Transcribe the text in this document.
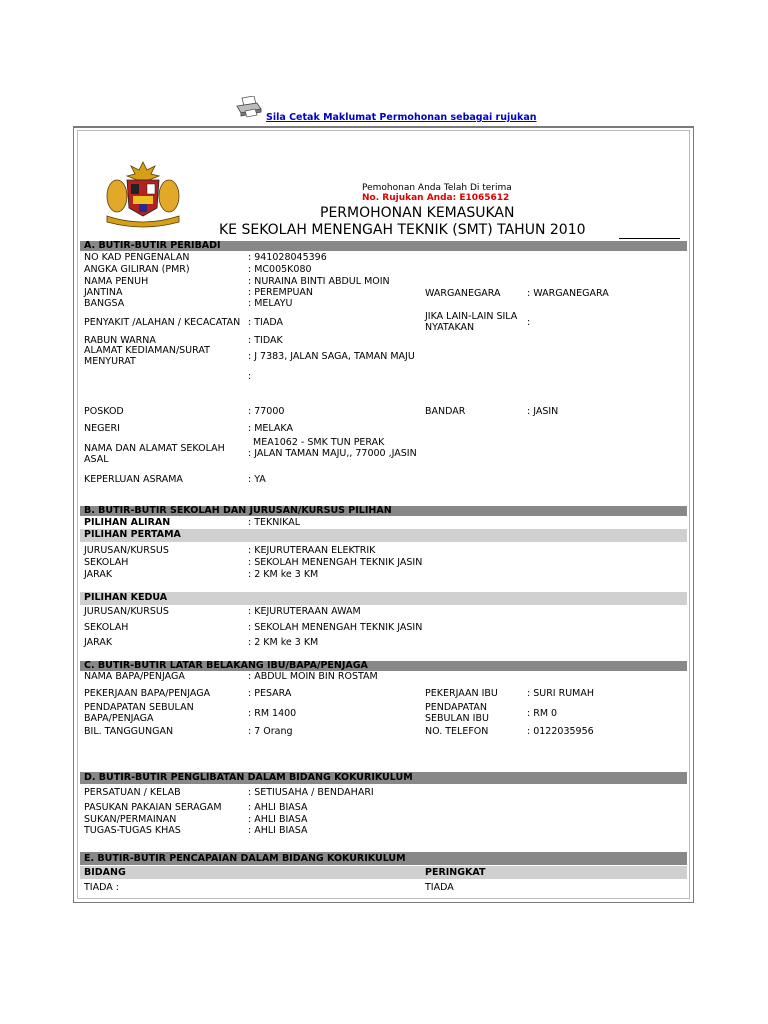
Sila Cetak Maklumat Permohonan sebagai rujukan
Pemohonan Anda Telah Di terima
No. Rujukan Anda: E1065612
PERMOHONAN KEMASUKAN
KE SEKOLAH MENENGAH TEKNIK (SMT) TAHUN 2010
A. BUTIR-BUTIR PERIBADI
NO KAD PENGENALAN	: 941028045396
ANGKA GILIRAN (PMR)	: MC005K080
NAMA PENUH	: NURAINA BINTI ABDUL MOIN
JANTINA	: PEREMPUAN	WARGANEGARA	: WARGANEGARA
BANGSA	: MELAYU
PENYAKIT /ALAHAN / KECACATAN : TIADA
JIKA LAIN-LAIN SILA
NYATAKAN	:
RABUN WARNA	: TIDAK
ALAMAT KEDIAMAN/SURAT
MENYURAT	: J 7383, JALAN SAGA, TAMAN MAJU
:
POSKOD	: 77000	BANDAR	: JASIN
NEGERI	: MELAKA
NAMA DAN ALAMAT SEKOLAH
ASAL
MEA1062 - SMK TUN PERAK
: JALAN TAMAN MAJU,, 77000 ,JASIN
KEPERLUAN ASRAMA	: YA
B. BUTIR-BUTIR SEKOLAH DAN JURUSAN/KURSUS PILIHAN
PILIHAN ALIRAN	: TEKNIKAL
PILIHAN PERTAMA
JURUSAN/KURSUS	: KEJURUTERAAN ELEKTRIK
SEKOLAH	: SEKOLAH MENENGAH TEKNIK JASIN
JARAK	: 2 KM ke 3 KM
PILIHAN KEDUA
JURUSAN/KURSUS	: KEJURUTERAAN AWAM
SEKOLAH	: SEKOLAH MENENGAH TEKNIK JASIN
JARAK	: 2 KM ke 3 KM
C. BUTIR-BUTIR LATAR BELAKANG IBU/BAPA/PENJAGA
NAMA BAPA/PENJAGA	: ABDUL MOIN BIN ROSTAM
PEKERJAAN BAPA/PENJAGA	: PESARA	PEKERJAAN IBU	: SURI RUMAH
PENDAPATAN SEBULAN
BAPA/PENJAGA	: RM 1400
PENDAPATAN
SEBULAN IBU	: RM 0
BIL. TANGGUNGAN	: 7 Orang	NO. TELEFON	: 0122035956
D. BUTIR-BUTIR PENGLIBATAN DALAM BIDANG KOKURIKULUM
PERSATUAN / KELAB	: SETIUSAHA / BENDAHARI
PASUKAN PAKAIAN SERAGAM	: AHLI BIASA
SUKAN/PERMAINAN	: AHLI BIASA
TUGAS-TUGAS KHAS	: AHLI BIASA
E. BUTIR-BUTIR PENCAPAIAN DALAM BIDANG KOKURIKULUM
BIDANG	PERINGKAT
TIADA :	TIADA
